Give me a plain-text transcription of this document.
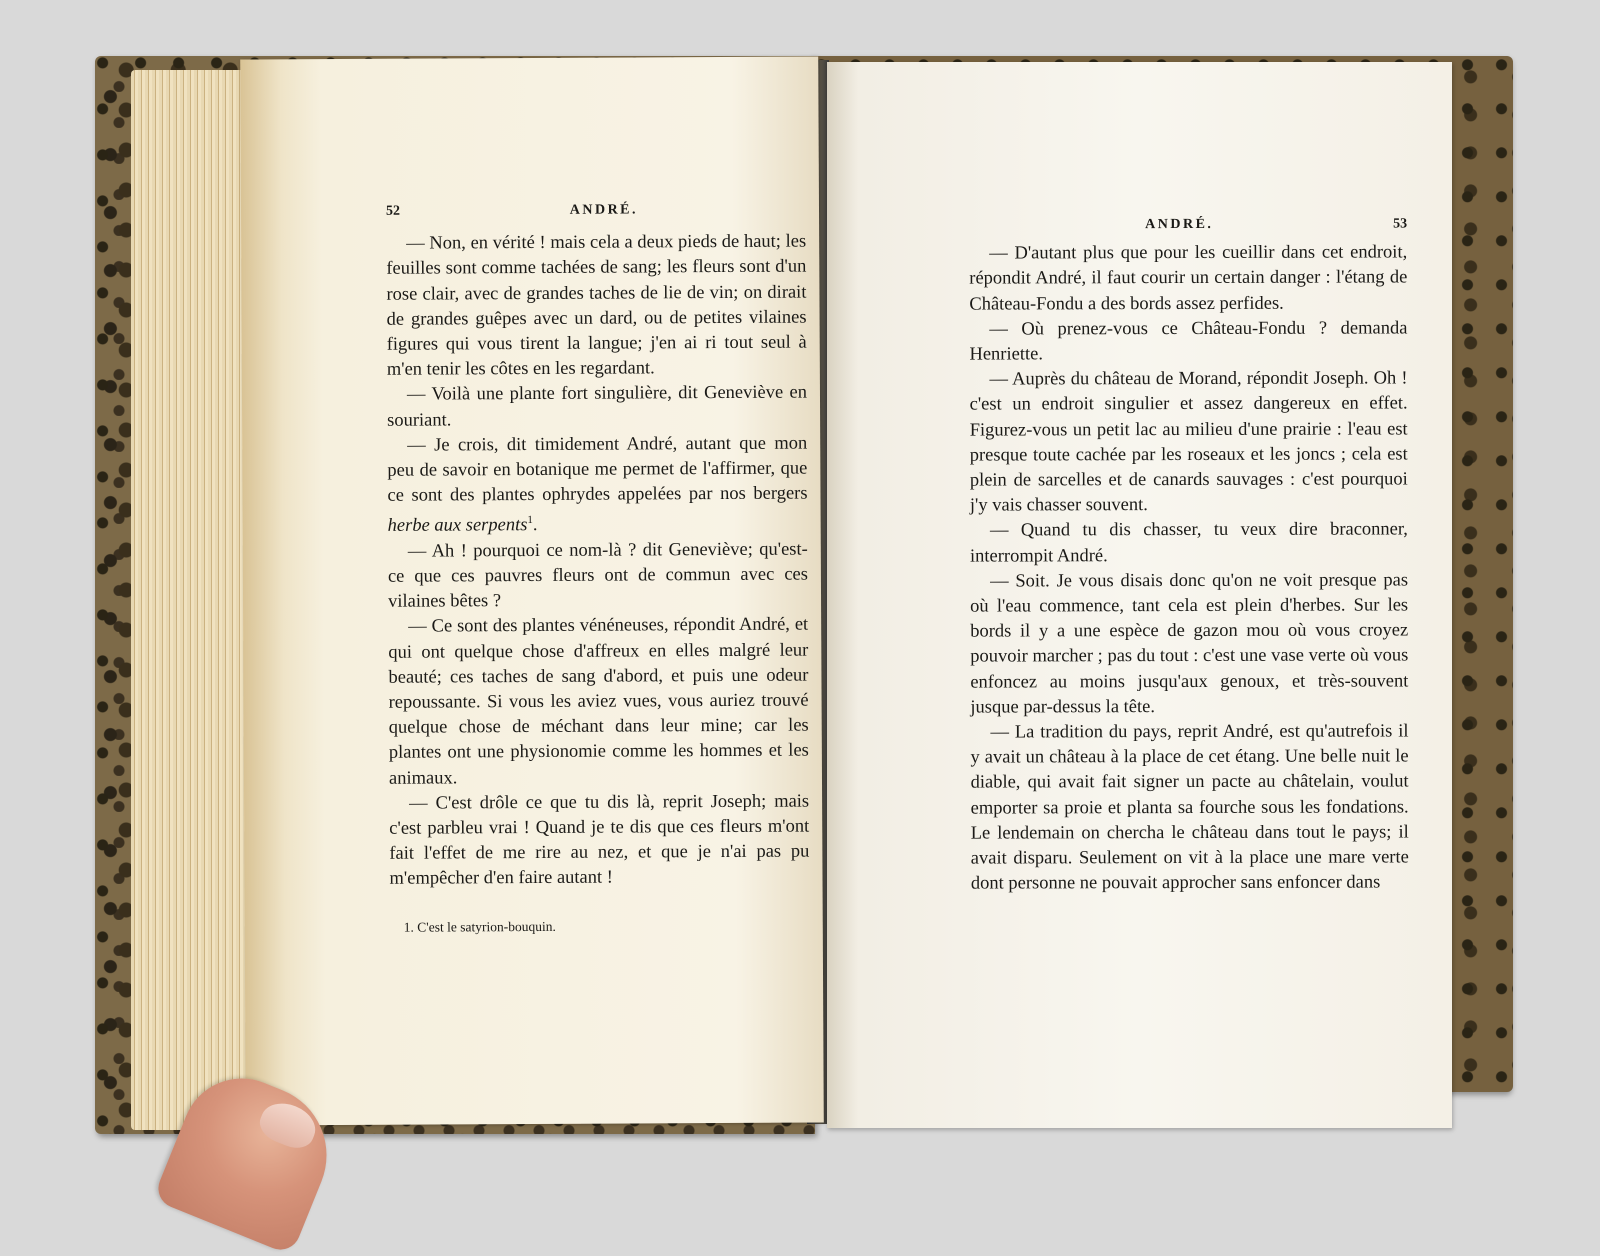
52	ANDRÉ.

— Non, en vérité ! mais cela a deux pieds de haut; les feuilles sont comme tachées de sang; les fleurs sont d'un rose clair, avec de grandes taches de lie de vin; on dirait de grandes guêpes avec un dard, ou de petites vilaines figures qui vous tirent la langue; j'en ai ri tout seul à m'en tenir les côtes en les regardant.

— Voilà une plante fort singulière, dit Geneviève en souriant.

— Je crois, dit timidement André, autant que mon peu de savoir en botanique me permet de l'affirmer, que ce sont des plantes ophrydes appelées par nos bergers herbe aux serpents$^1$.

— Ah ! pourquoi ce nom-là ? dit Geneviève; qu'est-ce que ces pauvres fleurs ont de commun avec ces vilaines bêtes ?

— Ce sont des plantes vénéneuses, répondit André, et qui ont quelque chose d'affreux en elles malgré leur beauté; ces taches de sang d'abord, et puis une odeur repoussante. Si vous les aviez vues, vous auriez trouvé quelque chose de méchant dans leur mine; car les plantes ont une physionomie comme les hommes et les animaux.

— C'est drôle ce que tu dis là, reprit Joseph; mais c'est parbleu vrai ! Quand je te dis que ces fleurs m'ont fait l'effet de me rire au nez, et que je n'ai pas pu m'empêcher d'en faire autant !

1. C'est le satyrion-bouquin.
ANDRÉ.	53

— D'autant plus que pour les cueillir dans cet endroit, répondit André, il faut courir un certain danger : l'étang de Château-Fondu a des bords assez perfides.

— Où prenez-vous ce Château-Fondu ? demanda Henriette.

— Auprès du château de Morand, répondit Joseph. Oh ! c'est un endroit singulier et assez dangereux en effet. Figurez-vous un petit lac au milieu d'une prairie : l'eau est presque toute cachée par les roseaux et les joncs ; cela est plein de sarcelles et de canards sauvages : c'est pourquoi j'y vais chasser souvent.

— Quand tu dis chasser, tu veux dire braconner, interrompit André.

— Soit. Je vous disais donc qu'on ne voit presque pas où l'eau commence, tant cela est plein d'herbes. Sur les bords il y a une espèce de gazon mou où vous croyez pouvoir marcher ; pas du tout : c'est une vase verte où vous enfoncez au moins jusqu'aux genoux, et très-souvent jusque par-dessus la tête.

— La tradition du pays, reprit André, est qu'autrefois il y avait un château à la place de cet étang. Une belle nuit le diable, qui avait fait signer un pacte au châtelain, voulut emporter sa proie et planta sa fourche sous les fondations. Le lendemain on chercha le château dans tout le pays; il avait disparu. Seulement on vit à la place une mare verte dont personne ne pouvait approcher sans enfoncer dans
